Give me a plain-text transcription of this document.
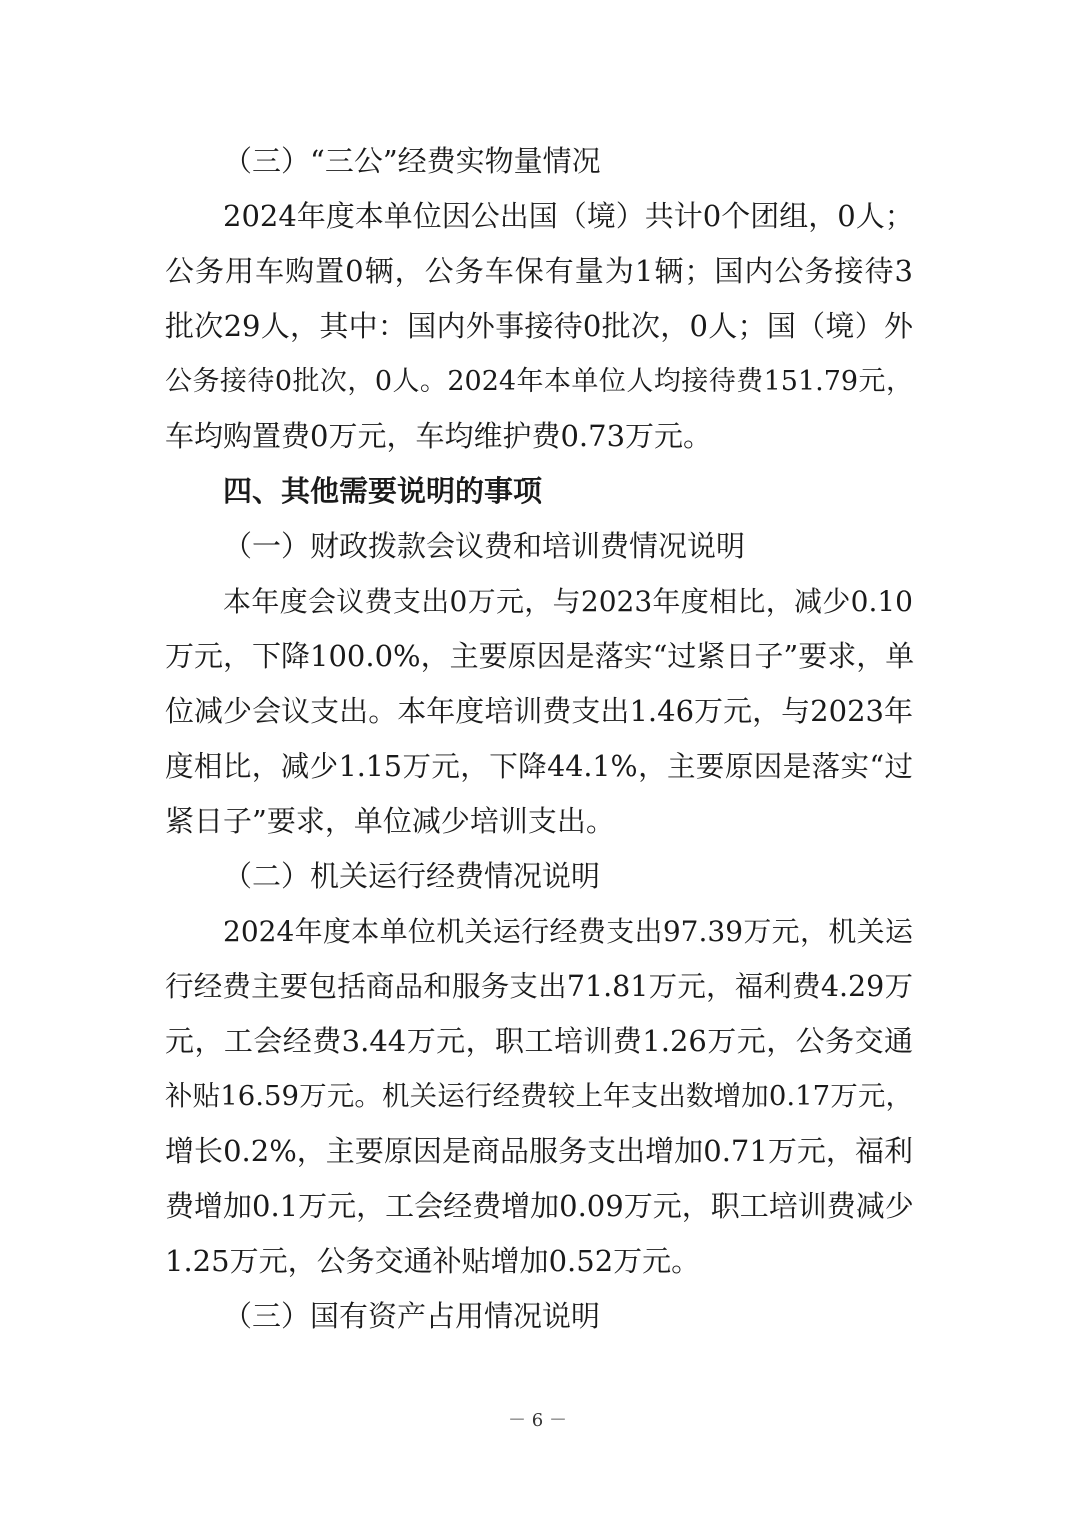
（三）“三公”经费实物量情况

2024年度本单位因公出国（境）共计0个团组，0人；
公务用车购置0辆，公务车保有量为1辆；国内公务接待3
批次29人，其中：国内外事接待0批次，0人；国（境）外
公务接待0批次，0人。2024年本单位人均接待费151.79元，
车均购置费0万元，车均维护费0.73万元。

四、其他需要说明的事项

（一）财政拨款会议费和培训费情况说明

本年度会议费支出0万元，与2023年度相比，减少0.10
万元，下降100.0%，主要原因是落实“过紧日子”要求，单
位减少会议支出。本年度培训费支出1.46万元，与2023年
度相比，减少1.15万元，下降44.1%，主要原因是落实“过
紧日子”要求，单位减少培训支出。

（二）机关运行经费情况说明

2024年度本单位机关运行经费支出97.39万元，机关运
行经费主要包括商品和服务支出71.81万元，福利费4.29万
元，工会经费3.44万元，职工培训费1.26万元，公务交通
补贴16.59万元。机关运行经费较上年支出数增加0.17万元，
增长0.2%，主要原因是商品服务支出增加0.71万元，福利
费增加0.1万元，工会经费增加0.09万元，职工培训费减少
1.25万元，公务交通补贴增加0.52万元。

（三）国有资产占用情况说明

－ 6 －
